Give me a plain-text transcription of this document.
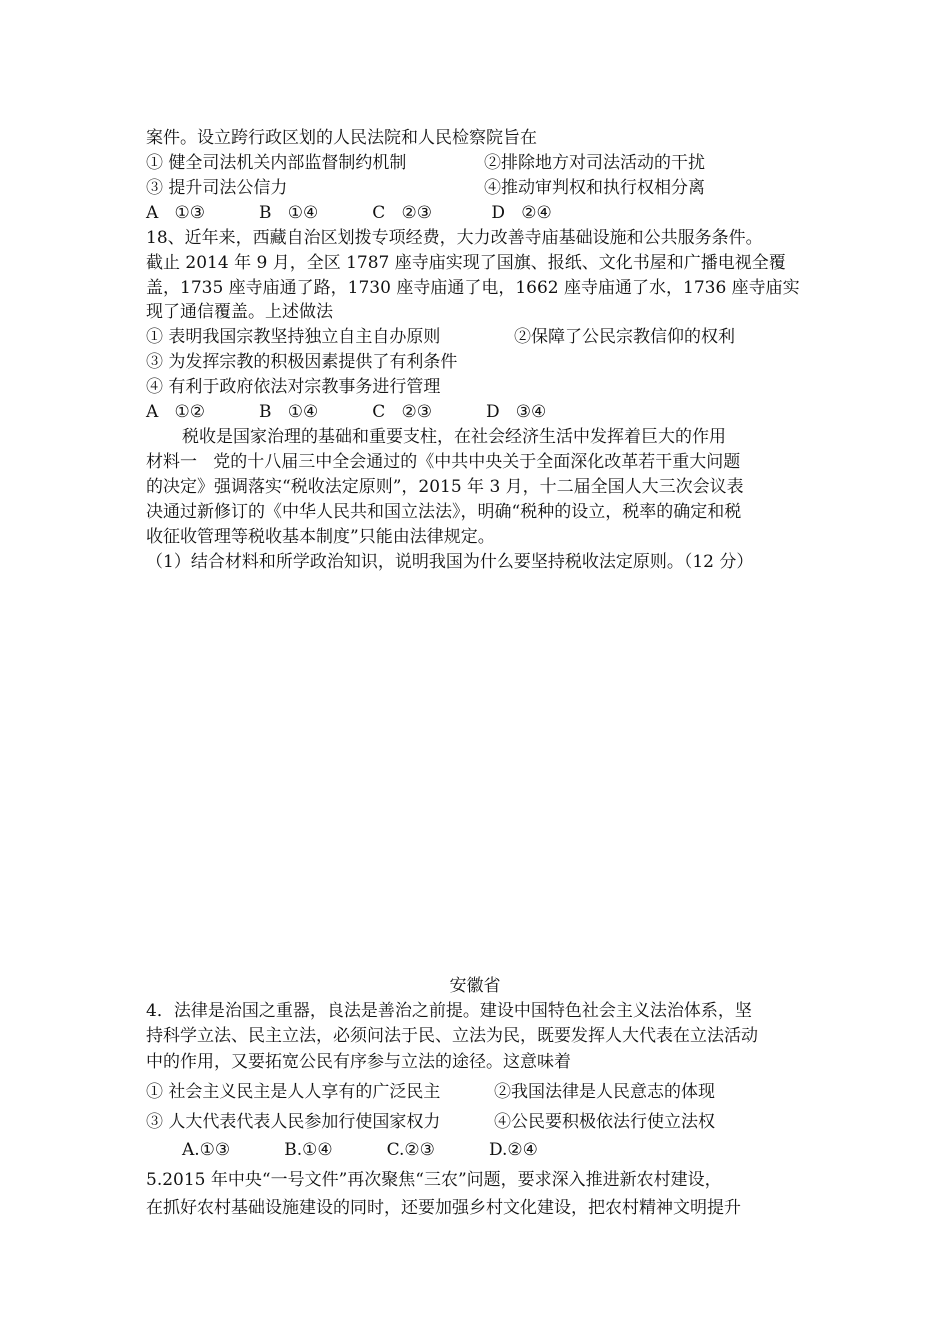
案件。设立跨行政区划的人民法院和人民检察院旨在
① 健全司法机关内部监督制约机制	②排除地方对司法活动的干扰
③ 提升司法公信力	④推动审判权和执行权相分离
A   ①③          B   ①④          C   ②③           D   ②④
18、近年来，西藏自治区划拨专项经费，大力改善寺庙基础设施和公共服务条件。
截止 2014 年 9 月，全区 1787 座寺庙实现了国旗、报纸、文化书屋和广播电视全覆
盖，1735 座寺庙通了路，1730 座寺庙通了电，1662 座寺庙通了水，1736 座寺庙实
现了通信覆盖。上述做法
① 表明我国宗教坚持独立自主自办原则	②保障了公民宗教信仰的权利
③ 为发挥宗教的积极因素提供了有利条件
④ 有利于政府依法对宗教事务进行管理
A   ①②          B   ①④          C   ②③          D   ③④
税收是国家治理的基础和重要支柱，在社会经济生活中发挥着巨大的作用
材料一   党的十八届三中全会通过的《中共中央关于全面深化改革若干重大问题
的决定》强调落实“税收法定原则”，2015 年 3 月，十二届全国人大三次会议表
决通过新修订的《中华人民共和国立法法》，明确“税种的设立，税率的确定和税
收征收管理等税收基本制度”只能由法律规定。
（1）结合材料和所学政治知识，说明我国为什么要坚持税收法定原则。（12 分）
安徽省
4．法律是治国之重器，良法是善治之前提。建设中国特色社会主义法治体系，坚
持科学立法、民主立法，必须问法于民、立法为民，既要发挥人大代表在立法活动
中的作用，又要拓宽公民有序参与立法的途径。这意味着
① 社会主义民主是人人享有的广泛民主	②我国法律是人民意志的体现
③ 人大代表代表人民参加行使国家权力	④公民要积极依法行使立法权
A.①③          B.①④          C.②③          D.②④
5.2015 年中央“一号文件”再次聚焦“三农”问题，要求深入推进新农村建设，
在抓好农村基础设施建设的同时，还要加强乡村文化建设，把农村精神文明提升
